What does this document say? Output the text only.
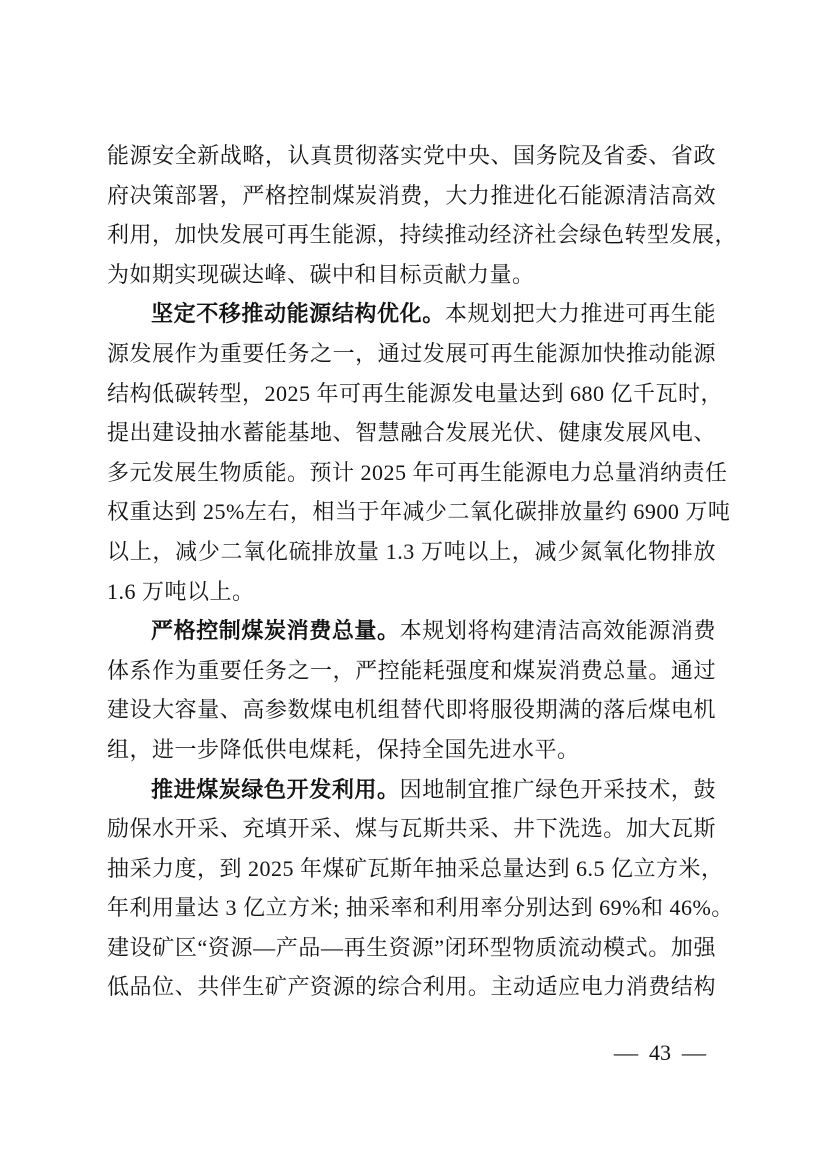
能源安全新战略，认真贯彻落实党中央、国务院及省委、省政
府决策部署，严格控制煤炭消费，大力推进化石能源清洁高效
利用，加快发展可再生能源，持续推动经济社会绿色转型发展，
为如期实现碳达峰、碳中和目标贡献力量。
坚定不移推动能源结构优化。本规划把大力推进可再生能
源发展作为重要任务之一，通过发展可再生能源加快推动能源
结构低碳转型，2025 年可再生能源发电量达到 680 亿千瓦时，
提出建设抽水蓄能基地、智慧融合发展光伏、健康发展风电、
多元发展生物质能。预计 2025 年可再生能源电力总量消纳责任
权重达到 25%左右，相当于年减少二氧化碳排放量约 6900 万吨
以上，减少二氧化硫排放量 1.3 万吨以上，减少氮氧化物排放
1.6 万吨以上。
严格控制煤炭消费总量。本规划将构建清洁高效能源消费
体系作为重要任务之一，严控能耗强度和煤炭消费总量。通过
建设大容量、高参数煤电机组替代即将服役期满的落后煤电机
组，进一步降低供电煤耗，保持全国先进水平。
推进煤炭绿色开发利用。因地制宜推广绿色开采技术，鼓
励保水开采、充填开采、煤与瓦斯共采、井下洗选。加大瓦斯
抽采力度，到 2025 年煤矿瓦斯年抽采总量达到 6.5 亿立方米，
年利用量达 3 亿立方米; 抽采率和利用率分别达到 69%和 46%。
建设矿区“资源—产品—再生资源”闭环型物质流动模式。加强
低品位、共伴生矿产资源的综合利用。主动适应电力消费结构
— 43 —
